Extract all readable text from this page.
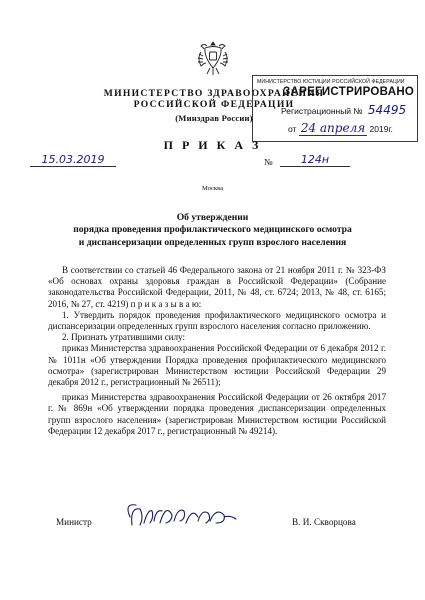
МИНИСТЕРСТВО ЗДРАВООХРАНЕНИЯ
РОССИЙСКОЙ ФЕДЕРАЦИИ
(Минздрав России)
МИНИСТЕРСТВО ЮСТИЦИИ РОССИЙСКОЙ ФЕДЕРАЦИИ
ЗАРЕГИСТРИРОВАНО
Регистрационный № 54495
от 24 апреля 2019г.
П Р И К А З
15.03.2019	№	124н
Москва
Об утверждении
порядка проведения профилактического медицинского осмотра
и диспансеризации определенных групп взрослого населения

В соответствии со статьей 46 Федерального закона от 21 ноября 2011 г. № 323-ФЗ «Об основах охраны здоровья граждан в Российской Федерации» (Собрание законодательства Российской Федерации, 2011, № 48, ст. 6724; 2013, № 48, ст. 6165; 2016, № 27, ст. 4219) п р и к а з ы в а ю:

1. Утвердить порядок проведения профилактического медицинского осмотра и диспансеризации определенных групп взрослого населения согласно приложению.

2. Признать утратившими силу:

приказ Министерства здравоохранения Российской Федерации от 6 декабря 2012 г. № 1011н «Об утверждении Порядка проведения профилактического медицинского осмотра» (зарегистрирован Министерством юстиции Российской Федерации 29 декабря 2012 г., регистрационный № 26511);

приказ Министерства здравоохранения Российской Федерации от 26 октября 2017 г. № 869н «Об утверждении порядка проведения диспансеризации определенных групп взрослого населения» (зарегистрирован Министерством юстиции Российской Федерации 12 декабря 2017 г., регистрационный № 49214).

Министр	В. И. Скворцова
